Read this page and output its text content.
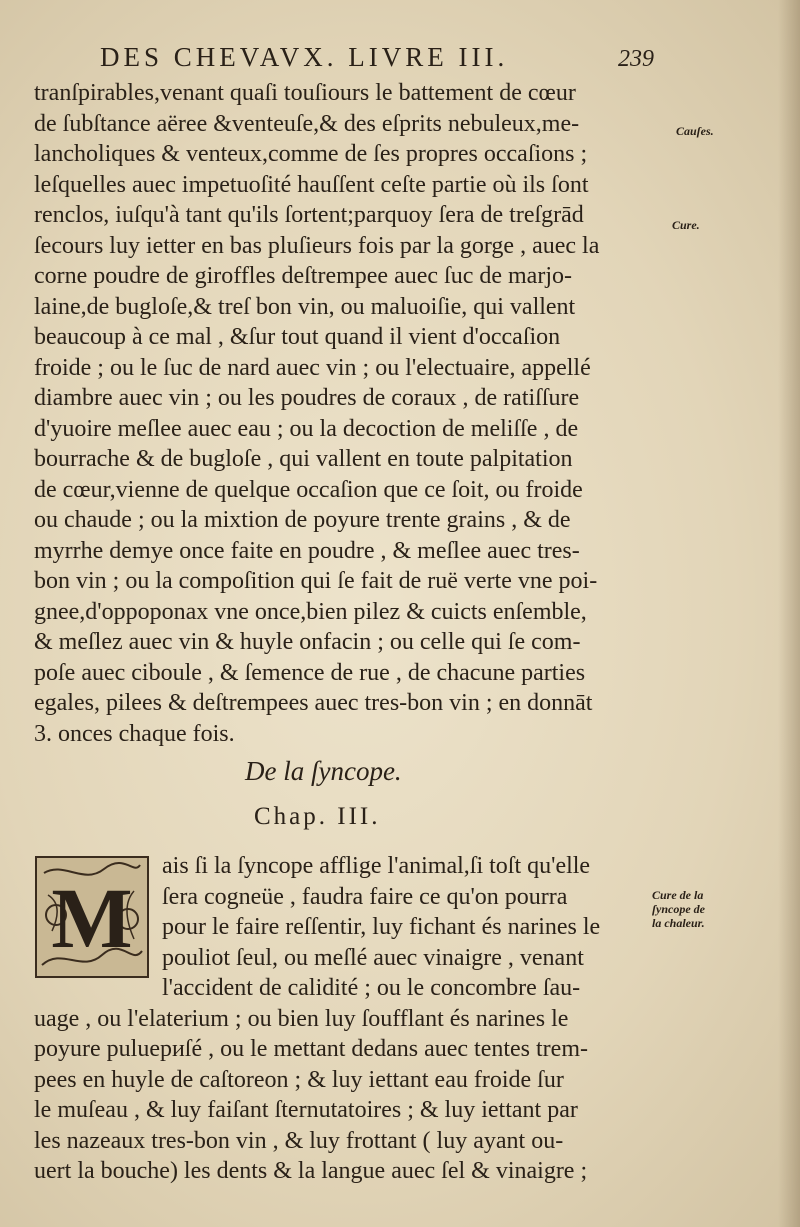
DES CHEVAVX. LIVRE III.	239
tranſpirables,venant quaſi touſiours le battement de cœur
de ſubſtance aëree &venteuſe,& des eſprits nebuleux,me-
lancholiques & venteux,comme de ſes propres occaſions ;
leſquelles auec impetuoſité hauſſent ceſte partie où ils ſont
renclos, iuſqu'à tant qu'ils ſortent;parquoy ſera de treſgrād
ſecours luy ietter en bas pluſieurs fois par la gorge , auec la
corne poudre de giroffles deſtrempee auec ſuc de marjo-
laine,de bugloſe,& treſ bon vin, ou maluoiſie, qui vallent
beaucoup à ce mal , &ſur tout quand il vient d'occaſion
froide ; ou le ſuc de nard auec vin ; ou l'electuaire, appellé
diambre auec vin ; ou les poudres de coraux , de ratiſſure
d'yuoire meſlee auec eau ; ou la decoction de meliſſe , de
bourrache & de bugloſe , qui vallent en toute palpitation
de cœur,vienne de quelque occaſion que ce ſoit, ou froide
ou chaude ; ou la mixtion de poyure trente grains , & de
myrrhe demye once faite en poudre , & meſlee auec tres-
bon vin ; ou la compoſition qui ſe fait de ruë verte vne poi-
gnee,d'oppoponax vne once,bien pilez & cuicts enſemble,
& meſlez auec vin & huyle onfacin ; ou celle qui ſe com-
poſe auec ciboule , & ſemence de rue , de chacune parties
egales, pilees & deſtrempees auec tres-bon vin ; en donnāt
3. onces chaque fois.
Cauſes.
Cure.
De la ſyncope.
Chap. III.
M
ais ſi la ſyncope afflige l'animal,ſi toſt qu'elle
ſera cogneüe , faudra faire ce qu'on pourra
pour le faire reſſentir, luy fichant és narines le
pouliot ſeul, ou meſlé auec vinaigre , venant
l'accident de calidité ; ou le concombre ſau-
uage , ou l'elaterium ; ou bien luy ſoufflant és narines le
poyure puluериſé , ou le mettant dedans auec tentes trem-
pees en huyle de caſtoreon ; & luy iettant eau froide ſur
le muſeau , & luy faiſant ſternutatoires ; & luy iettant par
les nazeaux tres-bon vin , & luy frottant ( luy ayant ou-
uert la bouche) les dents & la langue auec ſel & vinaigre ;
Cure de la
ſyncope de
la chaleur.
